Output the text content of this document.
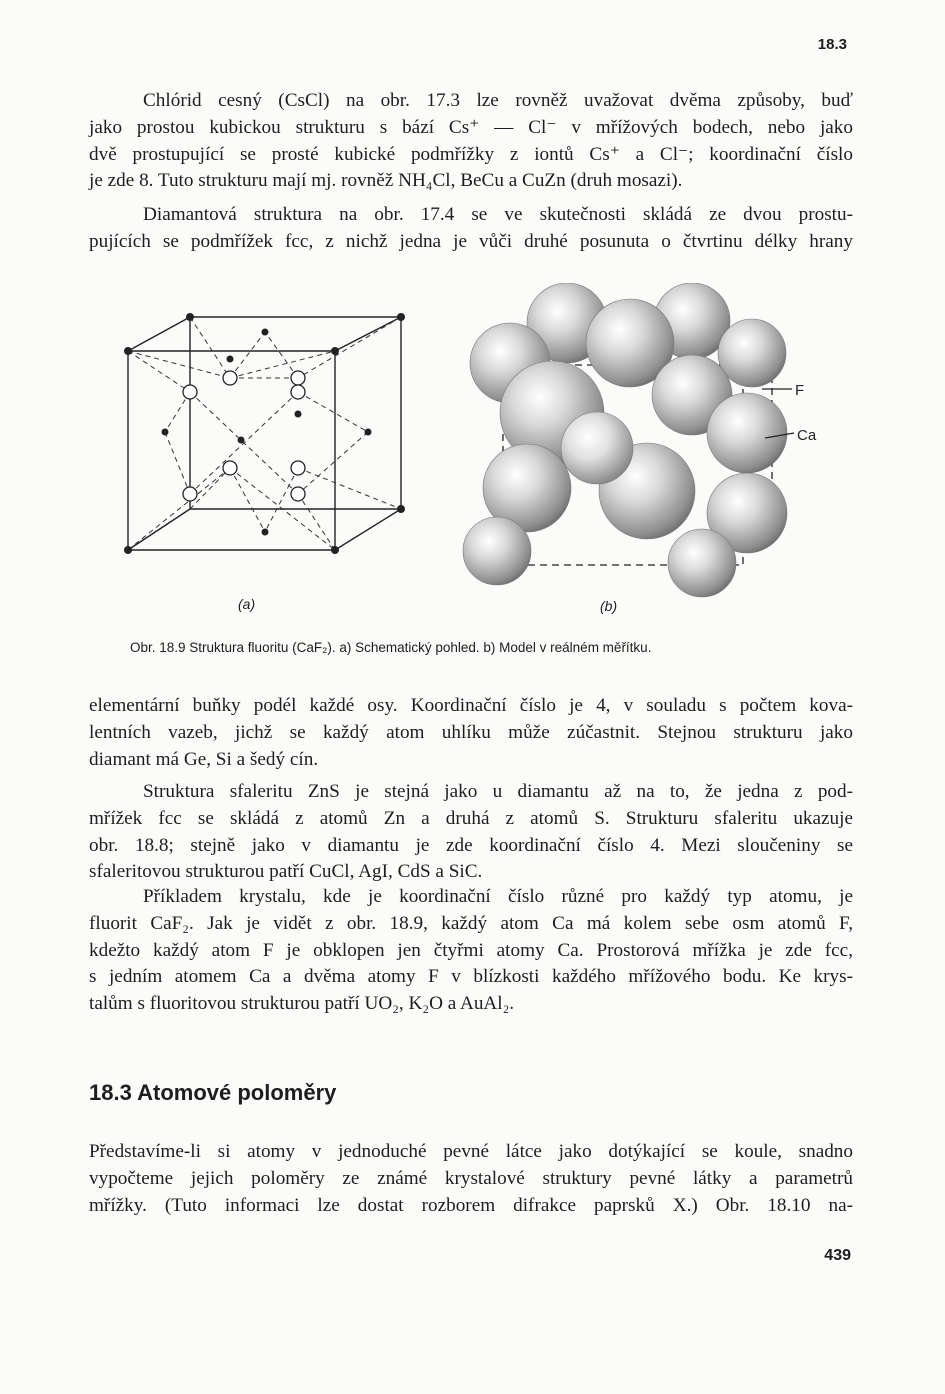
18.3
Chlórid cesný (CsCl) na obr. 17.3 lze rovněž uvažovat dvěma způsoby, buď
jako prostou kubickou strukturu s bází Cs⁺ — Cl⁻ v mřížových bodech, nebo jako
dvě prostupující se prosté kubické podmřížky z iontů Cs⁺ a Cl⁻; koordinační číslo
je zde 8. Tuto strukturu mají mj. rovněž NH₄Cl, BeCu a CuZn (druh mosazi).
Diamantová struktura na obr. 17.4 se ve skutečnosti skládá ze dvou prostu-
pujících se podmřížek fcc, z nichž jedna je vůči druhé posunuta o čtvrtinu délky hrany
F
Ca
(a)	(b)
Obr. 18.9 Struktura fluoritu (CaF₂). a) Schematický pohled. b) Model v reálném měřítku.
elementární buňky podél každé osy. Koordinační číslo je 4, v souladu s počtem kova-
lentních vazeb, jichž se každý atom uhlíku může zúčastnit. Stejnou strukturu jako
diamant má Ge, Si a šedý cín.
Struktura sfaleritu ZnS je stejná jako u diamantu až na to, že jedna z pod-
mřížek fcc se skládá z atomů Zn a druhá z atomů S. Strukturu sfaleritu ukazuje
obr. 18.8; stejně jako v diamantu je zde koordinační číslo 4. Mezi sloučeniny se
sfaleritovou strukturou patří CuCl, AgI, CdS a SiC.
Příkladem krystalu, kde je koordinační číslo různé pro každý typ atomu, je
fluorit CaF₂. Jak je vidět z obr. 18.9, každý atom Ca má kolem sebe osm atomů F,
kdežto každý atom F je obklopen jen čtyřmi atomy Ca. Prostorová mřížka je zde fcc,
s jedním atomem Ca a dvěma atomy F v blízkosti každého mřížového bodu. Ke krys-
talům s fluoritovou strukturou patří UO₂, K₂O a AuAl₂.
18.3 Atomové poloměry
Představíme-li si atomy v jednoduché pevné látce jako dotýkající se koule, snadno
vypočteme jejich poloměry ze známé krystalové struktury pevné látky a parametrů
mřížky. (Tuto informaci lze dostat rozborem difrakce paprsků X.) Obr. 18.10 na-
439
